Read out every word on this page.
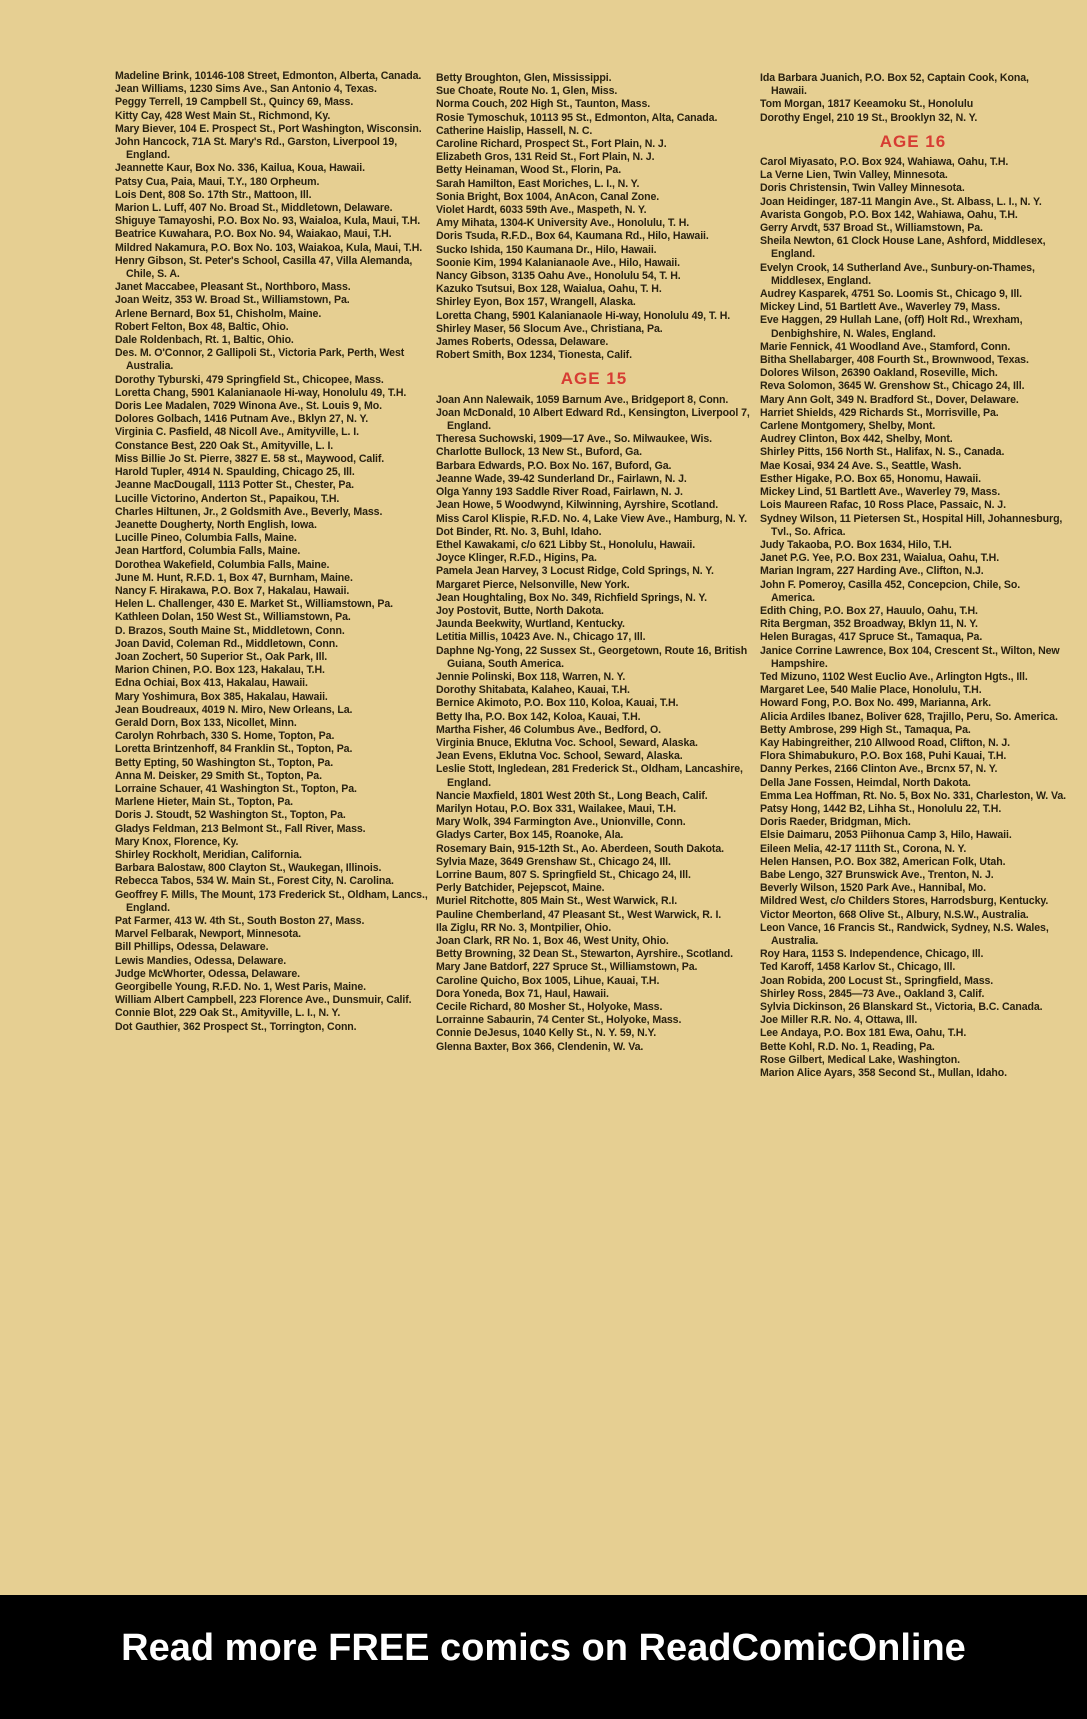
Madeline Brink, 10146-108 Street, Edmonton, Alberta, Canada.

Jean Williams, 1230 Sims Ave., San Antonio 4, Texas.

Peggy Terrell, 19 Campbell St., Quincy 69, Mass.

Kitty Cay, 428 West Main St., Richmond, Ky.

Mary Biever, 104 E. Prospect St., Port Washington, Wisconsin.

John Hancock, 71A St. Mary's Rd., Garston, Liverpool 19, England.

Jeannette Kaur, Box No. 336, Kailua, Koua, Hawaii.

Patsy Cua, Paia, Maui, T.Y., 180 Orpheum.

Lois Dent, 808 So. 17th Str., Mattoon, Ill.

Marion L. Luff, 407 No. Broad St., Middletown, Delaware.

Shiguye Tamayoshi, P.O. Box No. 93, Waialoa, Kula, Maui, T.H.

Beatrice Kuwahara, P.O. Box No. 94, Waiakao, Maui, T.H.

Mildred Nakamura, P.O. Box No. 103, Waiakoa, Kula, Maui, T.H.

Henry Gibson, St. Peter's School, Casilla 47, Villa Alemanda, Chile, S. A.

Janet Maccabee, Pleasant St., Northboro, Mass.

Joan Weitz, 353 W. Broad St., Williamstown, Pa.

Arlene Bernard, Box 51, Chisholm, Maine.

Robert Felton, Box 48, Baltic, Ohio.

Dale Roldenbach, Rt. 1, Baltic, Ohio.

Des. M. O'Connor, 2 Gallipoli St., Victoria Park, Perth, West Australia.

Dorothy Tyburski, 479 Springfield St., Chicopee, Mass.

Loretta Chang, 5901 Kalanianaole Hi-way, Honolulu 49, T.H.

Doris Lee Madalen, 7029 Winona Ave., St. Louis 9, Mo.

Dolores Golbach, 1416 Putnam Ave., Bklyn 27, N. Y.

Virginia C. Pasfield, 48 Nicoll Ave., Amityville, L. I.

Constance Best, 220 Oak St., Amityville, L. I.

Miss Billie Jo St. Pierre, 3827 E. 58 st., Maywood, Calif.

Harold Tupler, 4914 N. Spaulding, Chicago 25, Ill.

Jeanne MacDougall, 1113 Potter St., Chester, Pa.

Lucille Victorino, Anderton St., Papaikou, T.H.

Charles Hiltunen, Jr., 2 Goldsmith Ave., Beverly, Mass.

Jeanette Dougherty, North English, Iowa.

Lucille Pineo, Columbia Falls, Maine.

Jean Hartford, Columbia Falls, Maine.

Dorothea Wakefield, Columbia Falls, Maine.

June M. Hunt, R.F.D. 1, Box 47, Burnham, Maine.

Nancy F. Hirakawa, P.O. Box 7, Hakalau, Hawaii.

Helen L. Challenger, 430 E. Market St., Williamstown, Pa.

Kathleen Dolan, 150 West St., Williamstown, Pa.

D. Brazos, South Maine St., Middletown, Conn.

Joan David, Coleman Rd., Middletown, Conn.

Joan Zochert, 50 Superior St., Oak Park, Ill.

Marion Chinen, P.O. Box 123, Hakalau, T.H.

Edna Ochiai, Box 413, Hakalau, Hawaii.

Mary Yoshimura, Box 385, Hakalau, Hawaii.

Jean Boudreaux, 4019 N. Miro, New Orleans, La.

Gerald Dorn, Box 133, Nicollet, Minn.

Carolyn Rohrbach, 330 S. Home, Topton, Pa.

Loretta Brintzenhoff, 84 Franklin St., Topton, Pa.

Betty Epting, 50 Washington St., Topton, Pa.

Anna M. Deisker, 29 Smith St., Topton, Pa.

Lorraine Schauer, 41 Washington St., Topton, Pa.

Marlene Hieter, Main St., Topton, Pa.

Doris J. Stoudt, 52 Washington St., Topton, Pa.

Gladys Feldman, 213 Belmont St., Fall River, Mass.

Mary Knox, Florence, Ky.

Shirley Rockholt, Meridian, California.

Barbara Balostaw, 800 Clayton St., Waukegan, Illinois.

Rebecca Tabos, 534 W. Main St., Forest City, N. Carolina.

Geoffrey F. Mills, The Mount, 173 Frederick St., Oldham, Lancs., England.

Pat Farmer, 413 W. 4th St., South Boston 27, Mass.

Marvel Felbarak, Newport, Minnesota.

Bill Phillips, Odessa, Delaware.

Lewis Mandies, Odessa, Delaware.

Judge McWhorter, Odessa, Delaware.

Georgibelle Young, R.F.D. No. 1, West Paris, Maine.

William Albert Campbell, 223 Florence Ave., Dunsmuir, Calif.

Connie Blot, 229 Oak St., Amityville, L. I., N. Y.

Dot Gauthier, 362 Prospect St., Torrington, Conn.

Betty Broughton, Glen, Mississippi.

Sue Choate, Route No. 1, Glen, Miss.

Norma Couch, 202 High St., Taunton, Mass.

Rosie Tymoschuk, 10113 95 St., Edmonton, Alta, Canada.

Catherine Haislip, Hassell, N. C.

Caroline Richard, Prospect St., Fort Plain, N. J.

Elizabeth Gros, 131 Reid St., Fort Plain, N. J.

Betty Heinaman, Wood St., Florin, Pa.

Sarah Hamilton, East Moriches, L. I., N. Y.

Sonia Bright, Box 1004, AnAcon, Canal Zone.

Violet Hardt, 6033 59th Ave., Maspeth, N. Y.

Amy Mihata, 1304-K University Ave., Honolulu, T. H.

Doris Tsuda, R.F.D., Box 64, Kaumana Rd., Hilo, Hawaii.

Sucko Ishida, 150 Kaumana Dr., Hilo, Hawaii.

Soonie Kim, 1994 Kalanianaole Ave., Hilo, Hawaii.

Nancy Gibson, 3135 Oahu Ave., Honolulu 54, T. H.

Kazuko Tsutsui, Box 128, Waialua, Oahu, T. H.

Shirley Eyon, Box 157, Wrangell, Alaska.

Loretta Chang, 5901 Kalanianaole Hi-way, Honolulu 49, T. H.

Shirley Maser, 56 Slocum Ave., Christiana, Pa.

James Roberts, Odessa, Delaware.

Robert Smith, Box 1234, Tionesta, Calif.

AGE 15

Joan Ann Nalewaik, 1059 Barnum Ave., Bridgeport 8, Conn.

Joan McDonald, 10 Albert Edward Rd., Kensington, Liverpool 7, England.

Theresa Suchowski, 1909—17 Ave., So. Milwaukee, Wis.

Charlotte Bullock, 13 New St., Buford, Ga.

Barbara Edwards, P.O. Box No. 167, Buford, Ga.

Jeanne Wade, 39-42 Sunderland Dr., Fairlawn, N. J.

Olga Yanny 193 Saddle River Road, Fairlawn, N. J.

Jean Howe, 5 Woodwynd, Kilwinning, Ayrshire, Scotland.

Miss Carol Klispie, R.F.D. No. 4, Lake View Ave., Hamburg, N. Y.

Dot Binder, Rt. No. 3, Buhl, Idaho.

Ethel Kawakami, c/o 621 Libby St., Honolulu, Hawaii.

Joyce Klinger, R.F.D., Higins, Pa.

Pamela Jean Harvey, 3 Locust Ridge, Cold Springs, N. Y.

Margaret Pierce, Nelsonville, New York.

Jean Houghtaling, Box No. 349, Richfield Springs, N. Y.

Joy Postovit, Butte, North Dakota.

Jaunda Beekwity, Wurtland, Kentucky.

Letitia Millis, 10423 Ave. N., Chicago 17, Ill.

Daphne Ng-Yong, 22 Sussex St., Georgetown, Route 16, British Guiana, South America.

Jennie Polinski, Box 118, Warren, N. Y.

Dorothy Shitabata, Kalaheo, Kauai, T.H.

Bernice Akimoto, P.O. Box 110, Koloa, Kauai, T.H.

Betty Iha, P.O. Box 142, Koloa, Kauai, T.H.

Martha Fisher, 46 Columbus Ave., Bedford, O.

Virginia Bnuce, Eklutna Voc. School, Seward, Alaska.

Jean Evens, Eklutna Voc. School, Seward, Alaska.

Leslie Stott, Ingledean, 281 Frederick St., Oldham, Lancashire, England.

Nancie Maxfield, 1801 West 20th St., Long Beach, Calif.

Marilyn Hotau, P.O. Box 331, Wailakee, Maui, T.H.

Mary Wolk, 394 Farmington Ave., Unionville, Conn.

Gladys Carter, Box 145, Roanoke, Ala.

Rosemary Bain, 915-12th St., Ao. Aberdeen, South Dakota.

Sylvia Maze, 3649 Grenshaw St., Chicago 24, Ill.

Lorrine Baum, 807 S. Springfield St., Chicago 24, Ill.

Perly Batchider, Pejepscot, Maine.

Muriel Ritchotte, 805 Main St., West Warwick, R.I.

Pauline Chemberland, 47 Pleasant St., West Warwick, R. I.

Ila Ziglu, RR No. 3, Montpilier, Ohio.

Joan Clark, RR No. 1, Box 46, West Unity, Ohio.

Betty Browning, 32 Dean St., Stewarton, Ayrshire., Scotland.

Mary Jane Batdorf, 227 Spruce St., Williamstown, Pa.

Caroline Quicho, Box 1005, Lihue, Kauai, T.H.

Dora Yoneda, Box 71, Haul, Hawaii.

Cecile Richard, 80 Mosher St., Holyoke, Mass.

Lorrainne Sabaurin, 74 Center St., Holyoke, Mass.

Connie DeJesus, 1040 Kelly St., N. Y. 59, N.Y.

Glenna Baxter, Box 366, Clendenin, W. Va.

Ida Barbara Juanich, P.O. Box 52, Captain Cook, Kona, Hawaii.

Tom Morgan, 1817 Keeamoku St., Honolulu

Dorothy Engel, 210 19 St., Brooklyn 32, N. Y.

AGE 16

Carol Miyasato, P.O. Box 924, Wahiawa, Oahu, T.H.

La Verne Lien, Twin Valley, Minnesota.

Doris Christensin, Twin Valley Minnesota.

Joan Heidinger, 187-11 Mangin Ave., St. Albass, L. I., N. Y.

Avarista Gongob, P.O. Box 142, Wahiawa, Oahu, T.H.

Gerry Arvdt, 537 Broad St., Williamstown, Pa.

Sheila Newton, 61 Clock House Lane, Ashford, Middlesex, England.

Evelyn Crook, 14 Sutherland Ave., Sunbury-on-Thames, Middlesex, England.

Audrey Kasparek, 4751 So. Loomis St., Chicago 9, Ill.

Mickey Lind, 51 Bartlett Ave., Waverley 79, Mass.

Eve Haggen, 29 Hullah Lane, (off) Holt Rd., Wrexham, Denbighshire, N. Wales, England.

Marie Fennick, 41 Woodland Ave., Stamford, Conn.

Bitha Shellabarger, 408 Fourth St., Brownwood, Texas.

Dolores Wilson, 26390 Oakland, Roseville, Mich.

Reva Solomon, 3645 W. Grenshow St., Chicago 24, Ill.

Mary Ann Golt, 349 N. Bradford St., Dover, Delaware.

Harriet Shields, 429 Richards St., Morrisville, Pa.

Carlene Montgomery, Shelby, Mont.

Audrey Clinton, Box 442, Shelby, Mont.

Shirley Pitts, 156 North St., Halifax, N. S., Canada.

Mae Kosai, 934 24 Ave. S., Seattle, Wash.

Esther Higake, P.O. Box 65, Honomu, Hawaii.

Mickey Lind, 51 Bartlett Ave., Waverley 79, Mass.

Lois Maureen Rafac, 10 Ross Place, Passaic, N. J.

Sydney Wilson, 11 Pietersen St., Hospital Hill, Johannesburg, Tvl., So. Africa.

Judy Takaoba, P.O. Box 1634, Hilo, T.H.

Janet P.G. Yee, P.O. Box 231, Waialua, Oahu, T.H.

Marian Ingram, 227 Harding Ave., Clifton, N.J.

John F. Pomeroy, Casilla 452, Concepcion, Chile, So. America.

Edith Ching, P.O. Box 27, Hauulo, Oahu, T.H.

Rita Bergman, 352 Broadway, Bklyn 11, N. Y.

Helen Buragas, 417 Spruce St., Tamaqua, Pa.

Janice Corrine Lawrence, Box 104, Crescent St., Wilton, New Hampshire.

Ted Mizuno, 1102 West Euclio Ave., Arlington Hgts., Ill.

Margaret Lee, 540 Malie Place, Honolulu, T.H.

Howard Fong, P.O. Box No. 499, Marianna, Ark.

Alicia Ardiles Ibanez, Boliver 628, Trajillo, Peru, So. America.

Betty Ambrose, 299 High St., Tamaqua, Pa.

Kay Habingreither, 210 Allwood Road, Clifton, N. J.

Flora Shimabukuro, P.O. Box 168, Puhi Kauai, T.H.

Danny Perkes, 2166 Clinton Ave., Brcnx 57, N. Y.

Della Jane Fossen, Heimdal, North Dakota.

Emma Lea Hoffman, Rt. No. 5, Box No. 331, Charleston, W. Va.

Patsy Hong, 1442 B2, Lihha St., Honolulu 22, T.H.

Doris Raeder, Bridgman, Mich.

Elsie Daimaru, 2053 Piihonua Camp 3, Hilo, Hawaii.

Eileen Melia, 42-17 111th St., Corona, N. Y.

Helen Hansen, P.O. Box 382, American Folk, Utah.

Babe Lengo, 327 Brunswick Ave., Trenton, N. J.

Beverly Wilson, 1520 Park Ave., Hannibal, Mo.

Mildred West, c/o Childers Stores, Harrodsburg, Kentucky.

Victor Meorton, 668 Olive St., Albury, N.S.W., Australia.

Leon Vance, 16 Francis St., Randwick, Sydney, N.S. Wales, Australia.

Roy Hara, 1153 S. Independence, Chicago, Ill.

Ted Karoff, 1458 Karlov St., Chicago, Ill.

Joan Robida, 200 Locust St., Springfield, Mass.

Shirley Ross, 2845—73 Ave., Oakland 3, Calif.

Sylvia Dickinson, 26 Blanskard St., Victoria, B.C. Canada.

Joe Miller R.R. No. 4, Ottawa, Ill.

Lee Andaya, P.O. Box 181 Ewa, Oahu, T.H.

Bette Kohl, R.D. No. 1, Reading, Pa.

Rose Gilbert, Medical Lake, Washington.

Marion Alice Ayars, 358 Second St., Mullan, Idaho.

Read more FREE comics on ReadComicOnline
